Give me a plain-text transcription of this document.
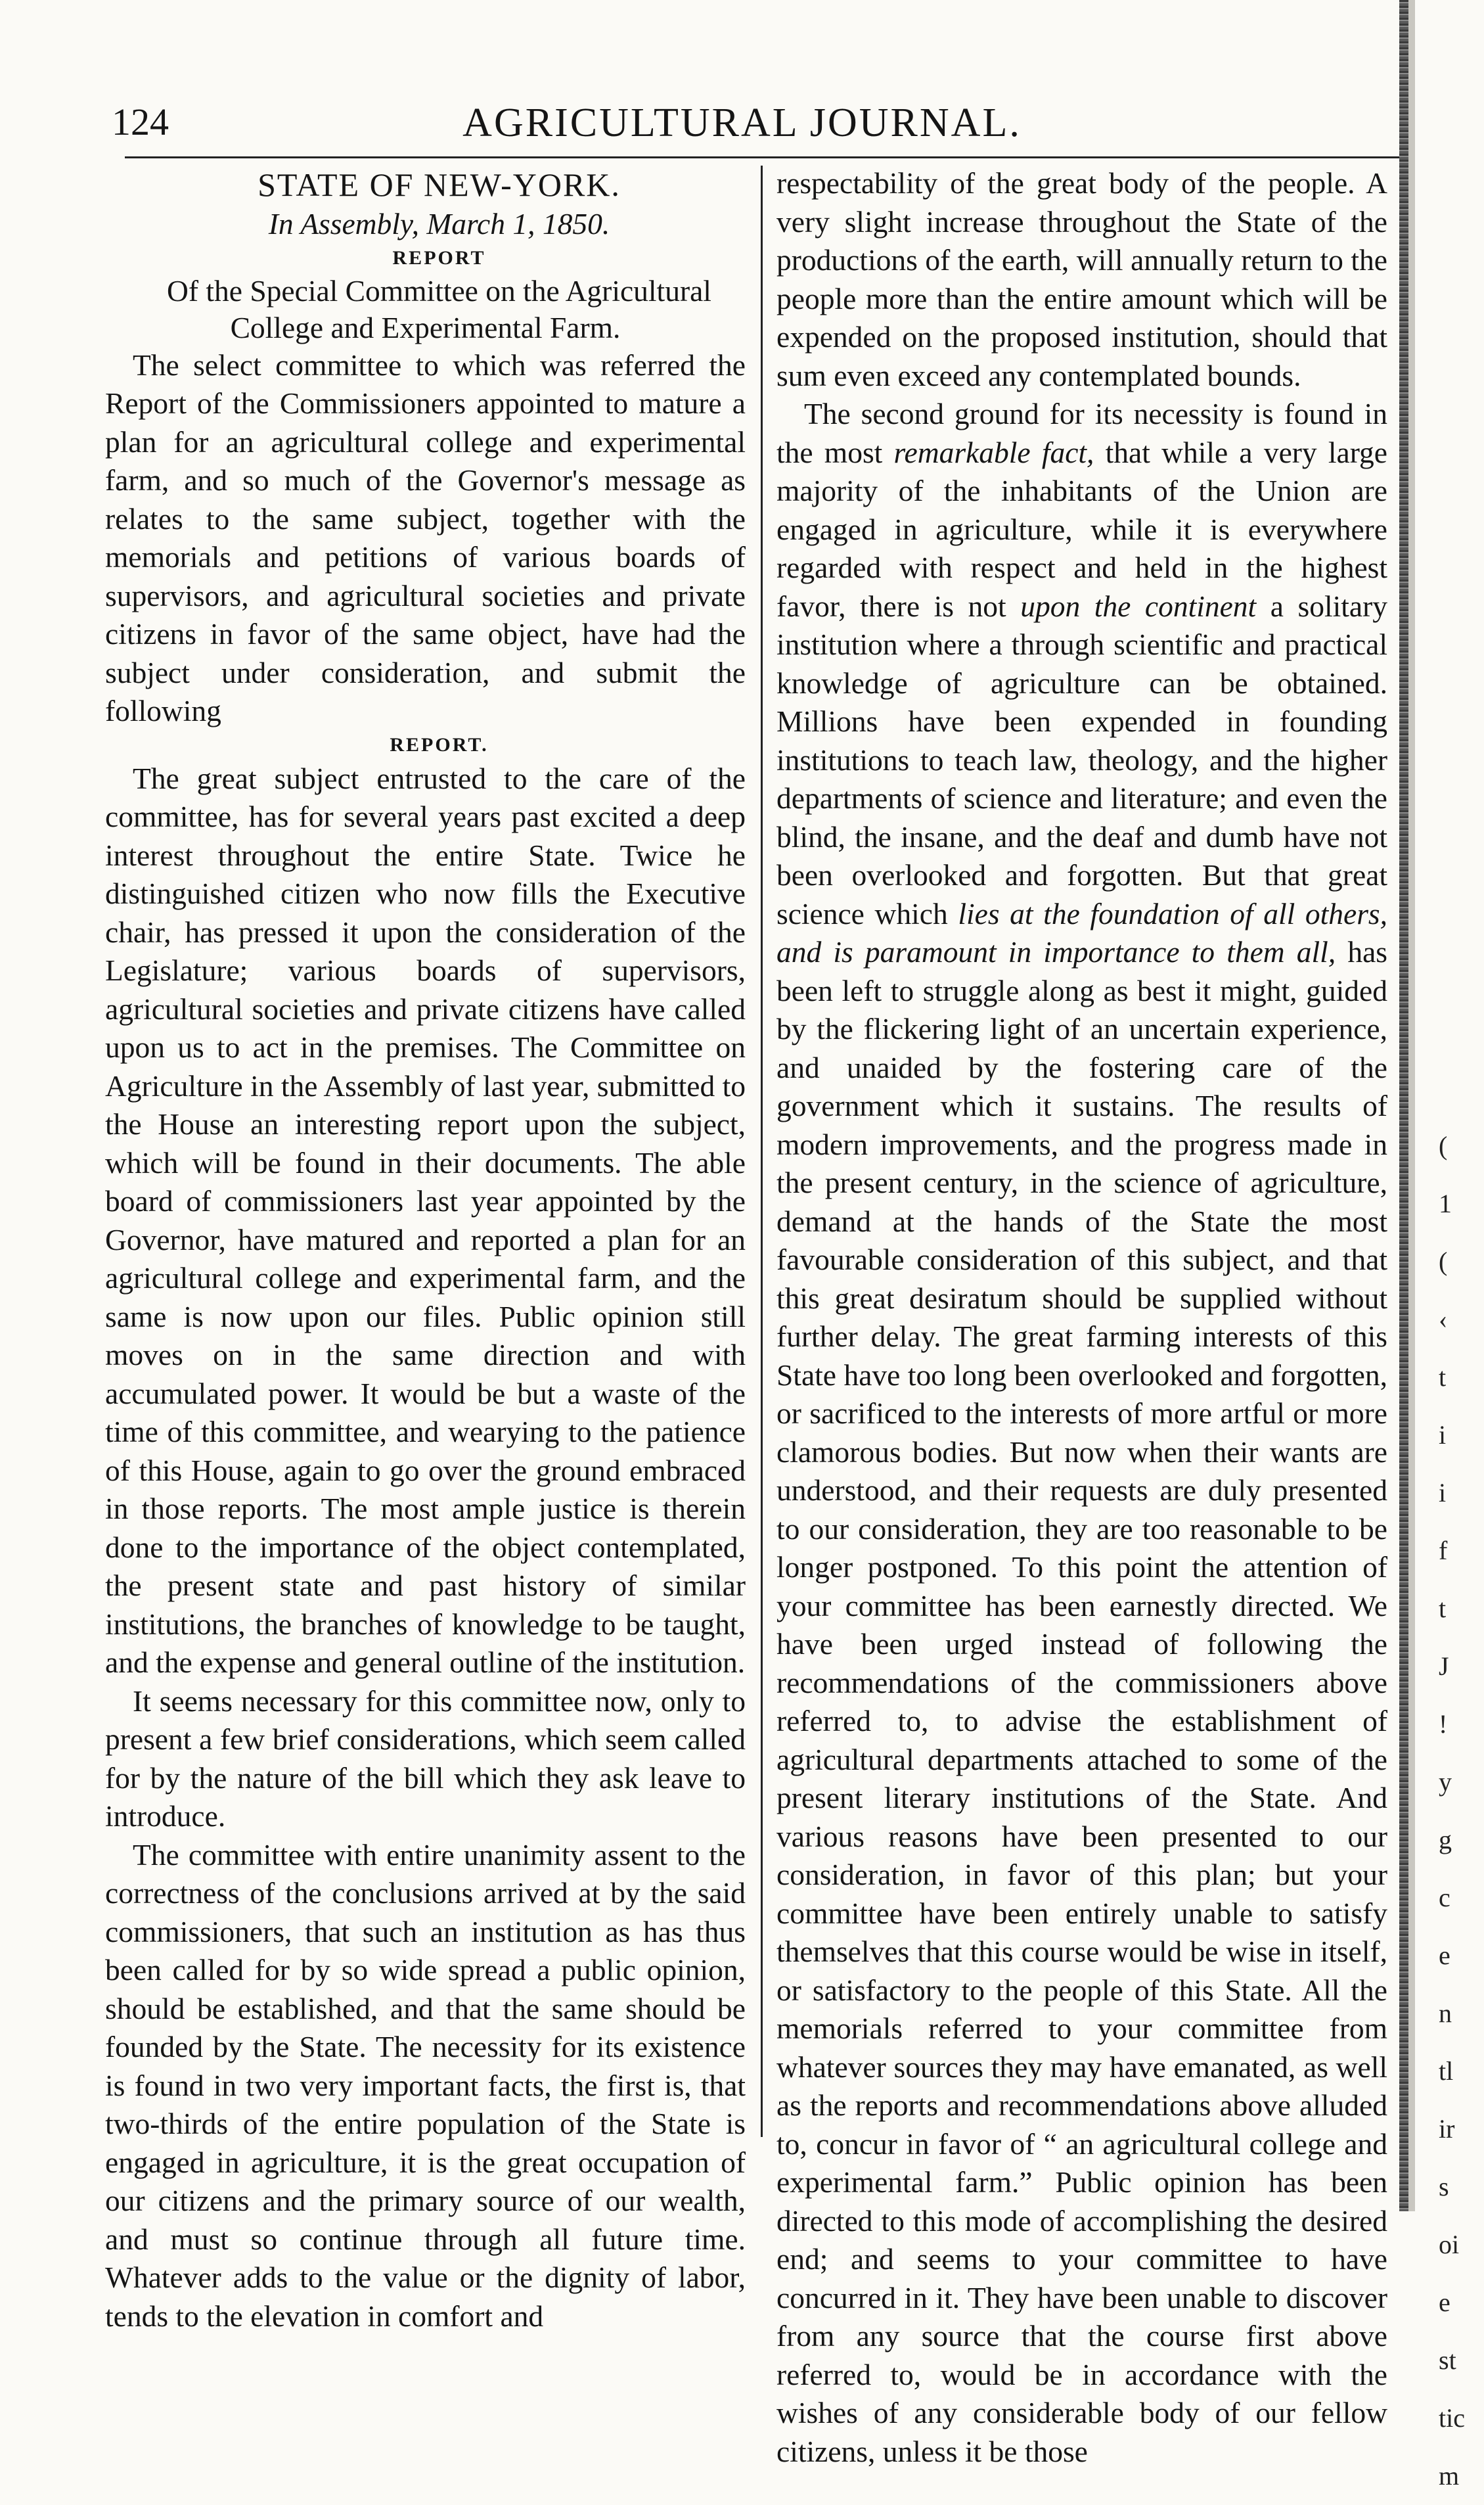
124	AGRICULTURAL JOURNAL.
(
1
(
‹
t
i
i
f
t
J
!
y
g
c
e
n
tl
ir
s
oi
e
st
tic
m

STATE OF NEW-YORK.

In Assembly, March 1, 1850.

REPORT

Of the Special Committee on the Agricultural College and Experimental Farm.

The select committee to which was referred the Report of the Commissioners appointed to mature a plan for an agricultural college and experimental farm, and so much of the Governor's message as relates to the same subject, together with the memorials and petitions of various boards of supervisors, and agricultural societies and private citizens in favor of the same object, have had the subject under consideration, and submit the following

REPORT.

The great subject entrusted to the care of the committee, has for several years past excited a deep interest throughout the entire State. Twice he distinguished citizen who now fills the Executive chair, has pressed it upon the consideration of the Legislature; various boards of supervisors, agricultural societies and private citizens have called upon us to act in the premises. The Committee on Agriculture in the Assembly of last year, submitted to the House an interesting report upon the subject, which will be found in their documents. The able board of commissioners last year appointed by the Governor, have matured and reported a plan for an agricultural college and experimental farm, and the same is now upon our files. Public opinion still moves on in the same direction and with accumulated power. It would be but a waste of the time of this committee, and wearying to the patience of this House, again to go over the ground embraced in those reports. The most ample justice is therein done to the importance of the object contemplated, the present state and past history of similar institutions, the branches of knowledge to be taught, and the expense and general outline of the institution.

It seems necessary for this committee now, only to present a few brief considerations, which seem called for by the nature of the bill which they ask leave to introduce.

The committee with entire unanimity assent to the correctness of the conclusions arrived at by the said commissioners, that such an institution as has thus been called for by so wide spread a public opinion, should be established, and that the same should be founded by the State. The necessity for its existence is found in two very important facts, the first is, that two-thirds of the entire population of the State is engaged in agriculture, it is the great occupation of our citizens and the primary source of our wealth, and must so continue through all future time. Whatever adds to the value or the dignity of labor, tends to the elevation in comfort and

respectability of the great body of the people. A very slight increase throughout the State of the productions of the earth, will annually return to the people more than the entire amount which will be expended on the proposed institution, should that sum even exceed any contemplated bounds.

The second ground for its necessity is found in the most remarkable fact, that while a very large majority of the inhabitants of the Union are engaged in agriculture, while it is everywhere regarded with respect and held in the highest favor, there is not upon the continent a solitary institution where a through scientific and practical knowledge of agriculture can be obtained. Millions have been expended in founding institutions to teach law, theology, and the higher departments of science and literature; and even the blind, the insane, and the deaf and dumb have not been overlooked and forgotten. But that great science which lies at the foundation of all others, and is paramount in importance to them all, has been left to struggle along as best it might, guided by the flickering light of an uncertain experience, and unaided by the fostering care of the government which it sustains. The results of modern improvements, and the progress made in the present century, in the science of agriculture, demand at the hands of the State the most favourable consideration of this subject, and that this great desiratum should be supplied without further delay. The great farming interests of this State have too long been overlooked and forgotten, or sacrificed to the interests of more artful or more clamorous bodies. But now when their wants are understood, and their requests are duly presented to our consideration, they are too reasonable to be longer postponed. To this point the attention of your committee has been earnestly directed. We have been urged instead of following the recommendations of the commissioners above referred to, to advise the establishment of agricultural departments attached to some of the present literary institutions of the State. And various reasons have been presented to our consideration, in favor of this plan; but your committee have been entirely unable to satisfy themselves that this course would be wise in itself, or satisfactory to the people of this State. All the memorials referred to your committee from whatever sources they may have emanated, as well as the reports and recommendations above alluded to, concur in favor of “ an agricultural college and experimental farm.” Public opinion has been directed to this mode of accomplishing the desired end; and seems to your committee to have concurred in it. They have been unable to discover from any source that the course first above referred to, would be in accordance with the wishes of any considerable body of our fellow citizens, unless it be those
